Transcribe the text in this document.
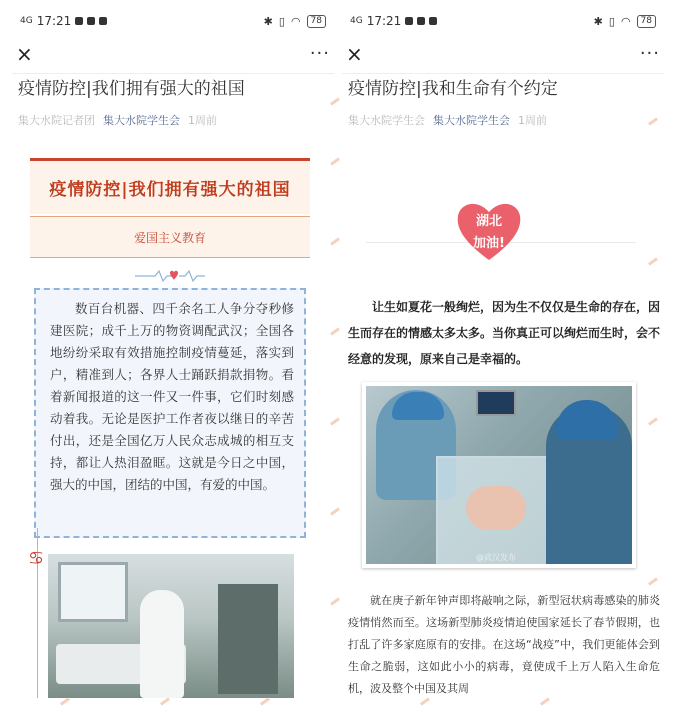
4G 17:21	✱ ▯ ◠	78
×	···
疫情防控|我们拥有强大的祖国
集大水院记者团 集大水院学生会 1周前
疫情防控|我们拥有强大的祖国
爱国主义教育
数百台机器、四千余名工人争分夺秒修建医院；成千上万的物资调配武汉；全国各地纷纷采取有效措施控制疫情蔓延，落实到户，精准到人；各界人士踊跃捐款捐物。看着新闻报道的这一件又一件事，它们时刻感动着我。无论是医护工作者夜以继日的辛苦付出，还是全国亿万人民众志成城的相互支持，都让人热泪盈眶。这就是今日之中国，强大的中国，团结的中国，有爱的中国。
♋
4G 17:21	✱ ▯ ◠	78
×	···
疫情防控|我和生命有个约定
集大水院学生会 集大水院学生会 1周前
湖北
加油!
让生如夏花一般绚烂，因为生不仅仅是生命的存在，因生而存在的情感太多太多。当你真正可以绚烂而生时，会不经意的发现，原来自己是幸福的。
@武汉发布
就在庚子新年钟声即将敲响之际，新型冠状病毒感染的肺炎疫情悄然而至。这场新型肺炎疫情迫使国家延长了春节假期，也打乱了许多家庭原有的安排。在这场“战疫”中，我们更能体会到生命之脆弱，这如此小小的病毒，竟使成千上万人陷入生命危机，波及整个中国及其周
